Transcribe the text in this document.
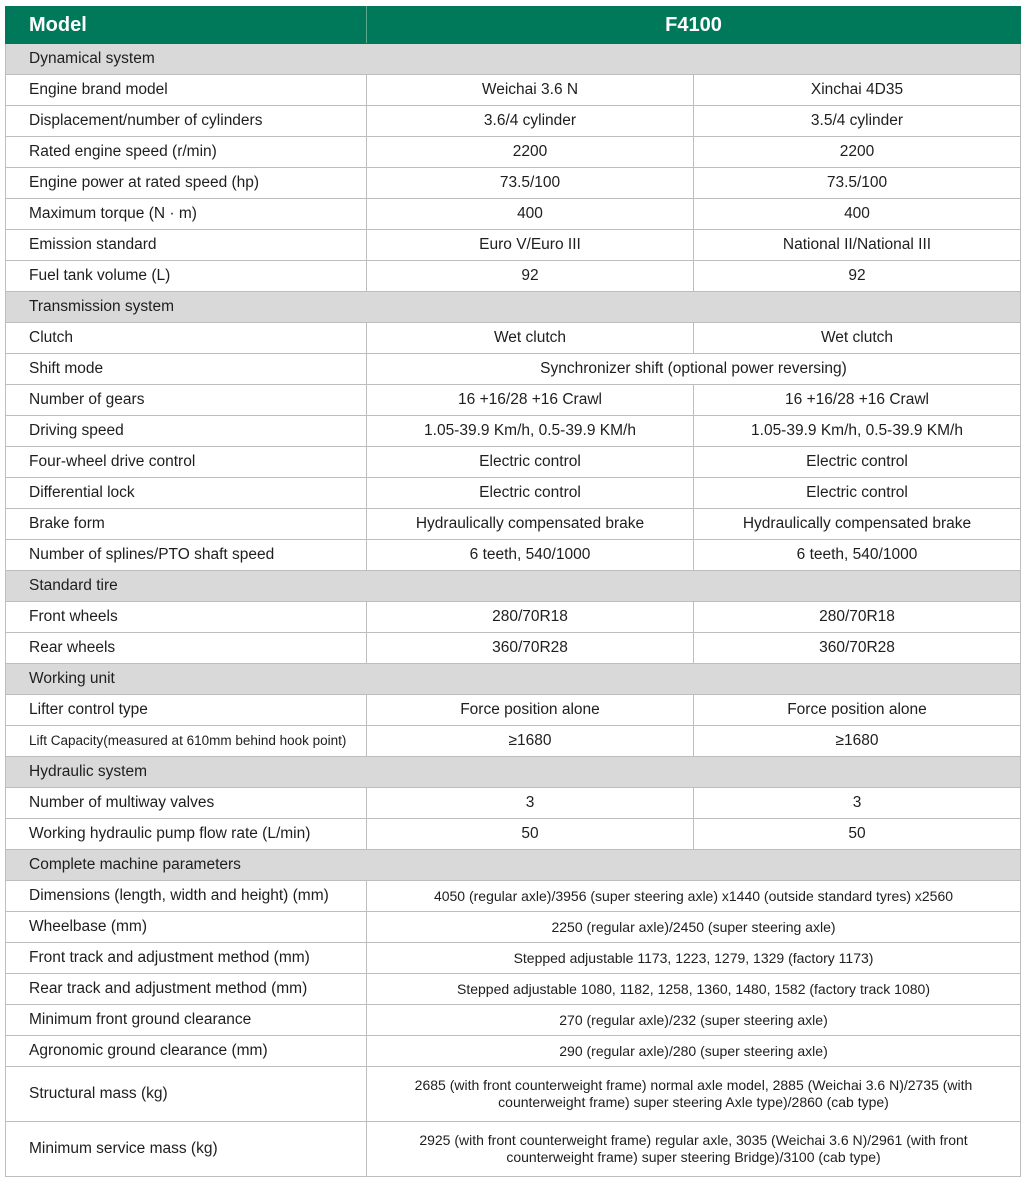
Model	F4100	
Dynamical system		
Engine brand model	Weichai 3.6 N	Xinchai 4D35
Displacement/number of cylinders	3.6/4 cylinder	3.5/4 cylinder
Rated engine speed (r/min)	2200	2200
Engine power at rated speed (hp)	73.5/100	73.5/100
Maximum torque (N · m)	400	400
Emission standard	Euro V/Euro III	National II/National III
Fuel tank volume (L)	92	92
Transmission system		
Clutch	Wet clutch	Wet clutch
Shift mode	Synchronizer shift (optional power reversing)	
Number of gears	16 +16/28 +16 Crawl	16 +16/28 +16 Crawl
Driving speed	1.05-39.9 Km/h, 0.5-39.9 KM/h	1.05-39.9 Km/h, 0.5-39.9 KM/h
Four-wheel drive control	Electric control	Electric control
Differential lock	Electric control	Electric control
Brake form	Hydraulically compensated brake	Hydraulically compensated brake
Number of splines/PTO shaft speed	6 teeth, 540/1000	6 teeth, 540/1000
Standard tire		
Front wheels	280/70R18	280/70R18
Rear wheels	360/70R28	360/70R28
Working unit		
Lifter control type	Force position alone	Force position alone
Lift Capacity(measured at 610mm behind hook point)	≥1680	≥1680
Hydraulic system		
Number of multiway valves	3	3
Working hydraulic pump flow rate (L/min)	50	50
Complete machine parameters		
Dimensions (length, width and height) (mm)	4050 (regular axle)/3956 (super steering axle) x1440 (outside standard tyres) x2560	
Wheelbase (mm)	2250 (regular axle)/2450 (super steering axle)	
Front track and adjustment method (mm)	Stepped adjustable 1173, 1223, 1279, 1329 (factory 1173)	
Rear track and adjustment method (mm)	Stepped adjustable 1080, 1182, 1258, 1360, 1480, 1582 (factory track 1080)	
Minimum front ground clearance	270 (regular axle)/232 (super steering axle)	
Agronomic ground clearance (mm)	290 (regular axle)/280 (super steering axle)	
Structural mass (kg)	2685 (with front counterweight frame) normal axle model, 2885 (Weichai 3.6 N)/2735 (with counterweight frame) super steering Axle type)/2860 (cab type)	
Minimum service mass (kg)	2925 (with front counterweight frame) regular axle, 3035 (Weichai 3.6 N)/2961 (with front counterweight frame) super steering Bridge)/3100 (cab type)	
